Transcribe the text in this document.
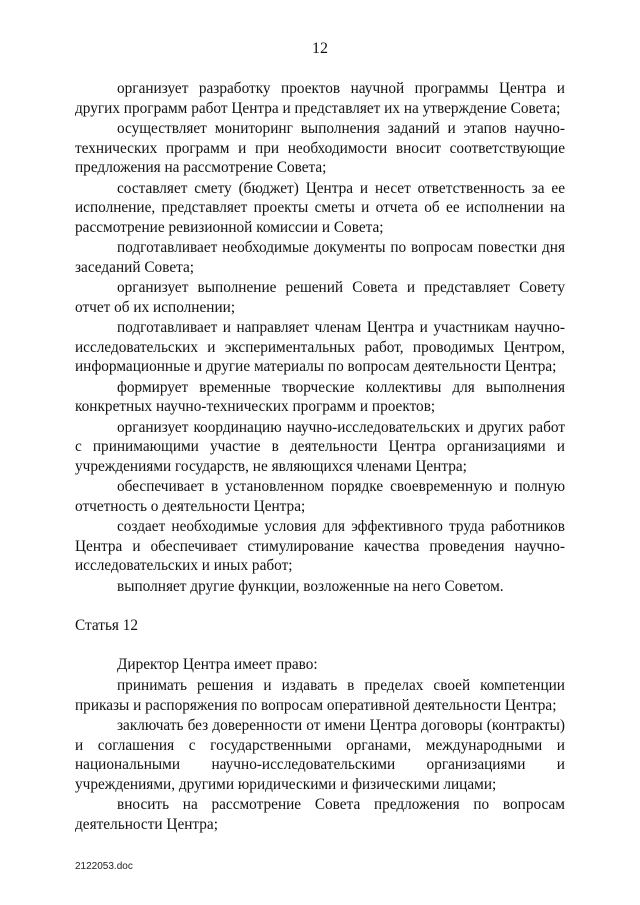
12

организует разработку проектов научной программы Центра и других программ работ Центра и представляет их на утверждение Совета;

осуществляет мониторинг выполнения заданий и этапов научно-технических программ и при необходимости вносит соответствующие предложения на рассмотрение Совета;

составляет смету (бюджет) Центра и несет ответственность за ее исполнение, представляет проекты сметы и отчета об ее исполнении на рассмотрение ревизионной комиссии и Совета;

подготавливает необходимые документы по вопросам повестки дня заседаний Совета;

организует выполнение решений Совета и представляет Совету отчет об их исполнении;

подготавливает и направляет членам Центра и участникам научно-исследовательских и экспериментальных работ, проводимых Центром, информационные и другие материалы по вопросам деятельности Центра;

формирует временные творческие коллективы для выполнения конкретных научно-технических программ и проектов;

организует координацию научно-исследовательских и других работ с принимающими участие в деятельности Центра организациями и учреждениями государств, не являющихся членами Центра;

обеспечивает в установленном порядке своевременную и полную отчетность о деятельности Центра;

создает необходимые условия для эффективного труда работников Центра и обеспечивает стимулирование качества проведения научно-исследовательских и иных работ;

выполняет другие функции, возложенные на него Советом.

Статья 12

Директор Центра имеет право:

принимать решения и издавать в пределах своей компетенции приказы и распоряжения по вопросам оперативной деятельности Центра;

заключать без доверенности от имени Центра договоры (контракты) и соглашения с государственными органами, международными и национальными научно-исследовательскими организациями и учреждениями, другими юридическими и физическими лицами;

вносить на рассмотрение Совета предложения по вопросам деятельности Центра;

2122053.doc
